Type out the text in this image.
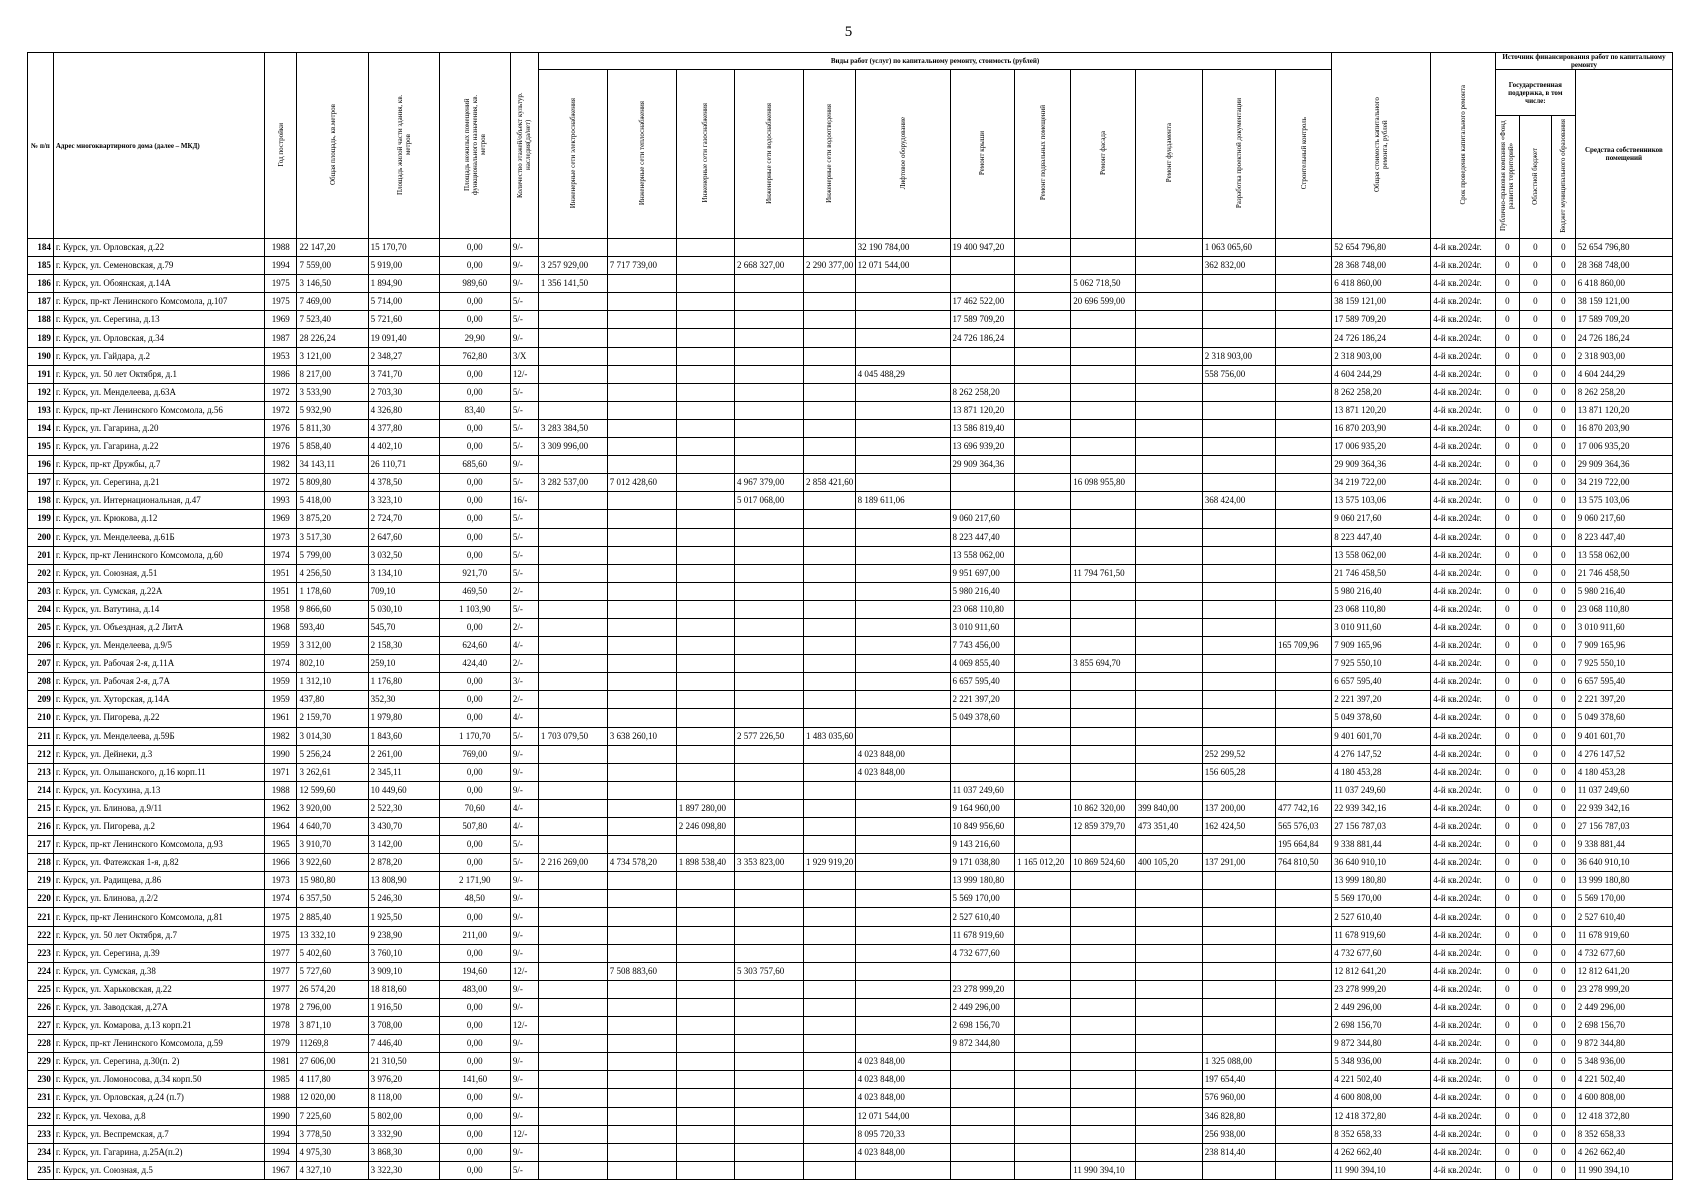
5
№ п/п	Адрес многоквартирного дома (далее – МКД)	Год постройки	Общая площадь, кв.метров	Площадь жилой части здания, кв. метров	Площадь нежилых помещений функционального назначения, кв. метров	Количество этажей/объект культур. наследия(да/нет)	Виды работ (услуг) по капитальному ремонту, стоимость (рублей)												Общая стоимость капитального ремонта, рублей	Срок проведения капитального ремонта	Источник финансирования работ по капитальному ремонту			
							Инженерные сети электроснабжения	Инженерные сети теплоснабжения	Инженерные сети газоснабжения	Инженерные сети водоснабжения	Инженерные сети водоотведения	Лифтовое оборудование	Ремонт крыши	Ремонт подвальных помещений	Ремонт фасада	Ремонт фундамента	Разработка проектной документации	Строительный контроль			Государственная поддержка, в том числе:			Средства собственников помещений
																					Публично-правовая компания «Фонд развития территорий»	Областной бюджет	Бюджет муниципального образования	
184	г. Курск, ул. Орловская, д.22	1988	22 147,20	15 170,70	0,00	9/-						32 190 784,00	19 400 947,20				1 063 065,60		52 654 796,80	4-й кв.2024г.	0	0	0	52 654 796,80
185	г. Курск, ул. Семеновская, д.79	1994	7 559,00	5 919,00	0,00	9/-	3 257 929,00	7 717 739,00		2 668 327,00	2 290 377,00	12 071 544,00					362 832,00		28 368 748,00	4-й кв.2024г.	0	0	0	28 368 748,00
186	г. Курск, ул. Обоянская, д.14А	1975	3 146,50	1 894,90	989,60	9/-	1 356 141,50								5 062 718,50				6 418 860,00	4-й кв.2024г.	0	0	0	6 418 860,00
187	г. Курск, пр-кт Ленинского Комсомола, д.107	1975	7 469,00	5 714,00	0,00	5/-							17 462 522,00		20 696 599,00				38 159 121,00	4-й кв.2024г.	0	0	0	38 159 121,00
188	г. Курск, ул. Серегина, д.13	1969	7 523,40	5 721,60	0,00	5/-							17 589 709,20						17 589 709,20	4-й кв.2024г.	0	0	0	17 589 709,20
189	г. Курск, ул. Орловская, д.34	1987	28 226,24	19 091,40	29,90	9/-							24 726 186,24						24 726 186,24	4-й кв.2024г.	0	0	0	24 726 186,24
190	г. Курск, ул. Гайдара, д.2	1953	3 121,00	2 348,27	762,80	3/Х											2 318 903,00		2 318 903,00	4-й кв.2024г.	0	0	0	2 318 903,00
191	г. Курск, ул. 50 лет Октября, д.1	1986	8 217,00	3 741,70	0,00	12/-						4 045 488,29					558 756,00		4 604 244,29	4-й кв.2024г.	0	0	0	4 604 244,29
192	г. Курск, ул. Менделеева, д.63А	1972	3 533,90	2 703,30	0,00	5/-							8 262 258,20						8 262 258,20	4-й кв.2024г.	0	0	0	8 262 258,20
193	г. Курск, пр-кт Ленинского Комсомола, д.56	1972	5 932,90	4 326,80	83,40	5/-							13 871 120,20						13 871 120,20	4-й кв.2024г.	0	0	0	13 871 120,20
194	г. Курск, ул. Гагарина, д.20	1976	5 811,30	4 377,80	0,00	5/-	3 283 384,50						13 586 819,40						16 870 203,90	4-й кв.2024г.	0	0	0	16 870 203,90
195	г. Курск, ул. Гагарина, д.22	1976	5 858,40	4 402,10	0,00	5/-	3 309 996,00						13 696 939,20						17 006 935,20	4-й кв.2024г.	0	0	0	17 006 935,20
196	г. Курск, пр-кт Дружбы, д.7	1982	34 143,11	26 110,71	685,60	9/-							29 909 364,36						29 909 364,36	4-й кв.2024г.	0	0	0	29 909 364,36
197	г. Курск, ул. Серегина, д.21	1972	5 809,80	4 378,50	0,00	5/-	3 282 537,00	7 012 428,60		4 967 379,00	2 858 421,60				16 098 955,80				34 219 722,00	4-й кв.2024г.	0	0	0	34 219 722,00
198	г. Курск, ул. Интернациональная, д.47	1993	5 418,00	3 323,10	0,00	16/-				5 017 068,00		8 189 611,06					368 424,00		13 575 103,06	4-й кв.2024г.	0	0	0	13 575 103,06
199	г. Курск, ул. Крюкова, д.12	1969	3 875,20	2 724,70	0,00	5/-							9 060 217,60						9 060 217,60	4-й кв.2024г.	0	0	0	9 060 217,60
200	г. Курск, ул. Менделеева, д.61Б	1973	3 517,30	2 647,60	0,00	5/-							8 223 447,40						8 223 447,40	4-й кв.2024г.	0	0	0	8 223 447,40
201	г. Курск, пр-кт Ленинского Комсомола, д.60	1974	5 799,00	3 032,50	0,00	5/-							13 558 062,00						13 558 062,00	4-й кв.2024г.	0	0	0	13 558 062,00
202	г. Курск, ул. Союзная, д.51	1951	4 256,50	3 134,10	921,70	5/-							9 951 697,00		11 794 761,50				21 746 458,50	4-й кв.2024г.	0	0	0	21 746 458,50
203	г. Курск, ул. Сумская, д.22А	1951	1 178,60	709,10	469,50	2/-							5 980 216,40						5 980 216,40	4-й кв.2024г.	0	0	0	5 980 216,40
204	г. Курск, ул. Ватутина, д.14	1958	9 866,60	5 030,10	1 103,90	5/-							23 068 110,80						23 068 110,80	4-й кв.2024г.	0	0	0	23 068 110,80
205	г. Курск, ул. Объездная, д.2 ЛитА	1968	593,40	545,70	0,00	2/-							3 010 911,60						3 010 911,60	4-й кв.2024г.	0	0	0	3 010 911,60
206	г. Курск, ул. Менделеева, д.9/5	1959	3 312,00	2 158,30	624,60	4/-							7 743 456,00					165 709,96	7 909 165,96	4-й кв.2024г.	0	0	0	7 909 165,96
207	г. Курск, ул. Рабочая 2-я, д.11А	1974	802,10	259,10	424,40	2/-							4 069 855,40		3 855 694,70				7 925 550,10	4-й кв.2024г.	0	0	0	7 925 550,10
208	г. Курск, ул. Рабочая 2-я, д.7А	1959	1 312,10	1 176,80	0,00	3/-							6 657 595,40						6 657 595,40	4-й кв.2024г.	0	0	0	6 657 595,40
209	г. Курск, ул. Хуторская, д.14А	1959	437,80	352,30	0,00	2/-							2 221 397,20						2 221 397,20	4-й кв.2024г.	0	0	0	2 221 397,20
210	г. Курск, ул. Пигорева, д.22	1961	2 159,70	1 979,80	0,00	4/-							5 049 378,60						5 049 378,60	4-й кв.2024г.	0	0	0	5 049 378,60
211	г. Курск, ул. Менделеева, д.59Б	1982	3 014,30	1 843,60	1 170,70	5/-	1 703 079,50	3 638 260,10		2 577 226,50	1 483 035,60								9 401 601,70	4-й кв.2024г.	0	0	0	9 401 601,70
212	г. Курск, ул. Дейнеки, д.3	1990	5 256,24	2 261,00	769,00	9/-						4 023 848,00					252 299,52		4 276 147,52	4-й кв.2024г.	0	0	0	4 276 147,52
213	г. Курск, ул. Ольшанского, д.16 корп.11	1971	3 262,61	2 345,11	0,00	9/-						4 023 848,00					156 605,28		4 180 453,28	4-й кв.2024г.	0	0	0	4 180 453,28
214	г. Курск, ул. Косухина, д.13	1988	12 599,60	10 449,60	0,00	9/-							11 037 249,60						11 037 249,60	4-й кв.2024г.	0	0	0	11 037 249,60
215	г. Курск, ул. Блинова, д.9/11	1962	3 920,00	2 522,30	70,60	4/-			1 897 280,00				9 164 960,00		10 862 320,00	399 840,00	137 200,00	477 742,16	22 939 342,16	4-й кв.2024г.	0	0	0	22 939 342,16
216	г. Курск, ул. Пигорева, д.2	1964	4 640,70	3 430,70	507,80	4/-			2 246 098,80				10 849 956,60		12 859 379,70	473 351,40	162 424,50	565 576,03	27 156 787,03	4-й кв.2024г.	0	0	0	27 156 787,03
217	г. Курск, пр-кт Ленинского Комсомола, д.93	1965	3 910,70	3 142,00	0,00	5/-							9 143 216,60					195 664,84	9 338 881,44	4-й кв.2024г.	0	0	0	9 338 881,44
218	г. Курск, ул. Фатежская 1-я, д.82	1966	3 922,60	2 878,20	0,00	5/-	2 216 269,00	4 734 578,20	1 898 538,40	3 353 823,00	1 929 919,20		9 171 038,80	1 165 012,20	10 869 524,60	400 105,20	137 291,00	764 810,50	36 640 910,10	4-й кв.2024г.	0	0	0	36 640 910,10
219	г. Курск, ул. Радищева, д.86	1973	15 980,80	13 808,90	2 171,90	9/-							13 999 180,80						13 999 180,80	4-й кв.2024г.	0	0	0	13 999 180,80
220	г. Курск, ул. Блинова, д.2/2	1974	6 357,50	5 246,30	48,50	9/-							5 569 170,00						5 569 170,00	4-й кв.2024г.	0	0	0	5 569 170,00
221	г. Курск, пр-кт Ленинского Комсомола, д.81	1975	2 885,40	1 925,50	0,00	9/-							2 527 610,40						2 527 610,40	4-й кв.2024г.	0	0	0	2 527 610,40
222	г. Курск, ул. 50 лет Октября, д.7	1975	13 332,10	9 238,90	211,00	9/-							11 678 919,60						11 678 919,60	4-й кв.2024г.	0	0	0	11 678 919,60
223	г. Курск, ул. Серегина, д.39	1977	5 402,60	3 760,10	0,00	9/-							4 732 677,60						4 732 677,60	4-й кв.2024г.	0	0	0	4 732 677,60
224	г. Курск, ул. Сумская, д.38	1977	5 727,60	3 909,10	194,60	12/-		7 508 883,60		5 303 757,60									12 812 641,20	4-й кв.2024г.	0	0	0	12 812 641,20
225	г. Курск, ул. Харьковская, д.22	1977	26 574,20	18 818,60	483,00	9/-							23 278 999,20						23 278 999,20	4-й кв.2024г.	0	0	0	23 278 999,20
226	г. Курск, ул. Заводская, д.27А	1978	2 796,00	1 916,50	0,00	9/-							2 449 296,00						2 449 296,00	4-й кв.2024г.	0	0	0	2 449 296,00
227	г. Курск, ул. Комарова, д.13 корп.21	1978	3 871,10	3 708,00	0,00	12/-							2 698 156,70						2 698 156,70	4-й кв.2024г.	0	0	0	2 698 156,70
228	г. Курск, пр-кт Ленинского Комсомола, д.59	1979	11269,8	7 446,40	0,00	9/-							9 872 344,80						9 872 344,80	4-й кв.2024г.	0	0	0	9 872 344,80
229	г. Курск, ул. Серегина, д.30(п. 2)	1981	27 606,00	21 310,50	0,00	9/-						4 023 848,00					1 325 088,00		5 348 936,00	4-й кв.2024г.	0	0	0	5 348 936,00
230	г. Курск, ул. Ломоносова, д.34 корп.50	1985	4 117,80	3 976,20	141,60	9/-						4 023 848,00					197 654,40		4 221 502,40	4-й кв.2024г.	0	0	0	4 221 502,40
231	г. Курск, ул. Орловская, д.24 (п.7)	1988	12 020,00	8 118,00	0,00	9/-						4 023 848,00					576 960,00		4 600 808,00	4-й кв.2024г.	0	0	0	4 600 808,00
232	г. Курск, ул. Чехова, д.8	1990	7 225,60	5 802,00	0,00	9/-						12 071 544,00					346 828,80		12 418 372,80	4-й кв.2024г.	0	0	0	12 418 372,80
233	г. Курск, ул. Веспремская, д.7	1994	3 778,50	3 332,90	0,00	12/-						8 095 720,33					256 938,00		8 352 658,33	4-й кв.2024г.	0	0	0	8 352 658,33
234	г. Курск, ул. Гагарина, д.25А(п.2)	1994	4 975,30	3 868,30	0,00	9/-						4 023 848,00					238 814,40		4 262 662,40	4-й кв.2024г.	0	0	0	4 262 662,40
235	г. Курск, ул. Союзная, д.5	1967	4 327,10	3 322,30	0,00	5/-									11 990 394,10				11 990 394,10	4-й кв.2024г.	0	0	0	11 990 394,10
